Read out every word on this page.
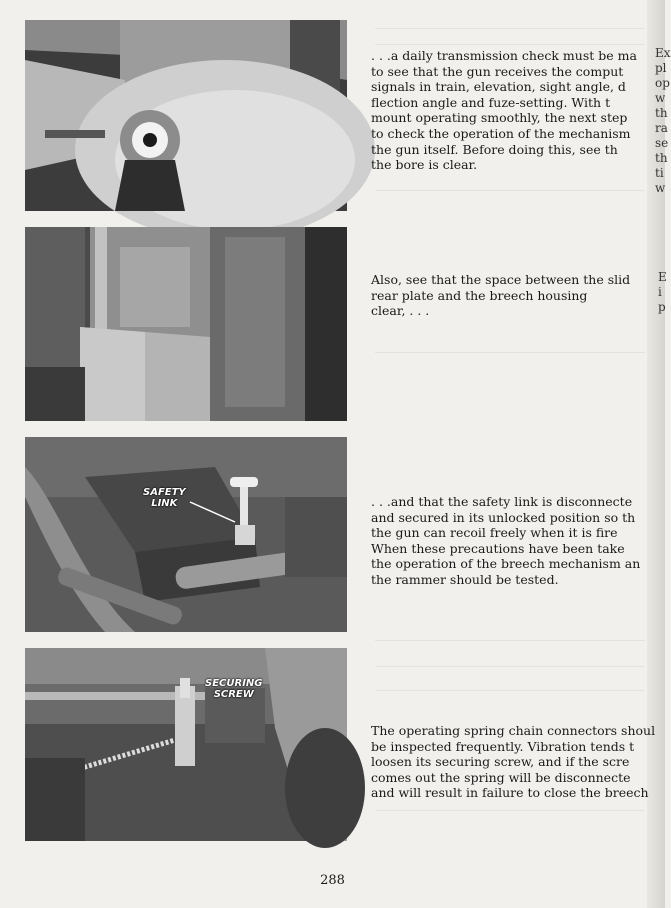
Ex
pl
op
w
th
ra
se
th
ti
w
E
i
p
SAFETY
LINK
SECURING
SCREW
. . .a daily transmission check must be ma
to see that the gun receives the comput
signals in train, elevation, sight angle, d
flection angle and fuze-setting. With t
mount operating smoothly, the next step
to check the operation of the mechanism
the gun itself. Before doing this, see th
the bore is clear.
Also, see that the space between the slid
rear plate and the breech housing
clear, . . .
. . .and that the safety link is disconnecte
and secured in its unlocked position so th
the gun can recoil freely when it is fire
When these precautions have been take
the operation of the breech mechanism an
the rammer should be tested.
The operating spring chain connectors shoul
be inspected frequently. Vibration tends t
loosen its securing screw, and if the scre
comes out the spring will be disconnecte
and will result in failure to close the breech
288
